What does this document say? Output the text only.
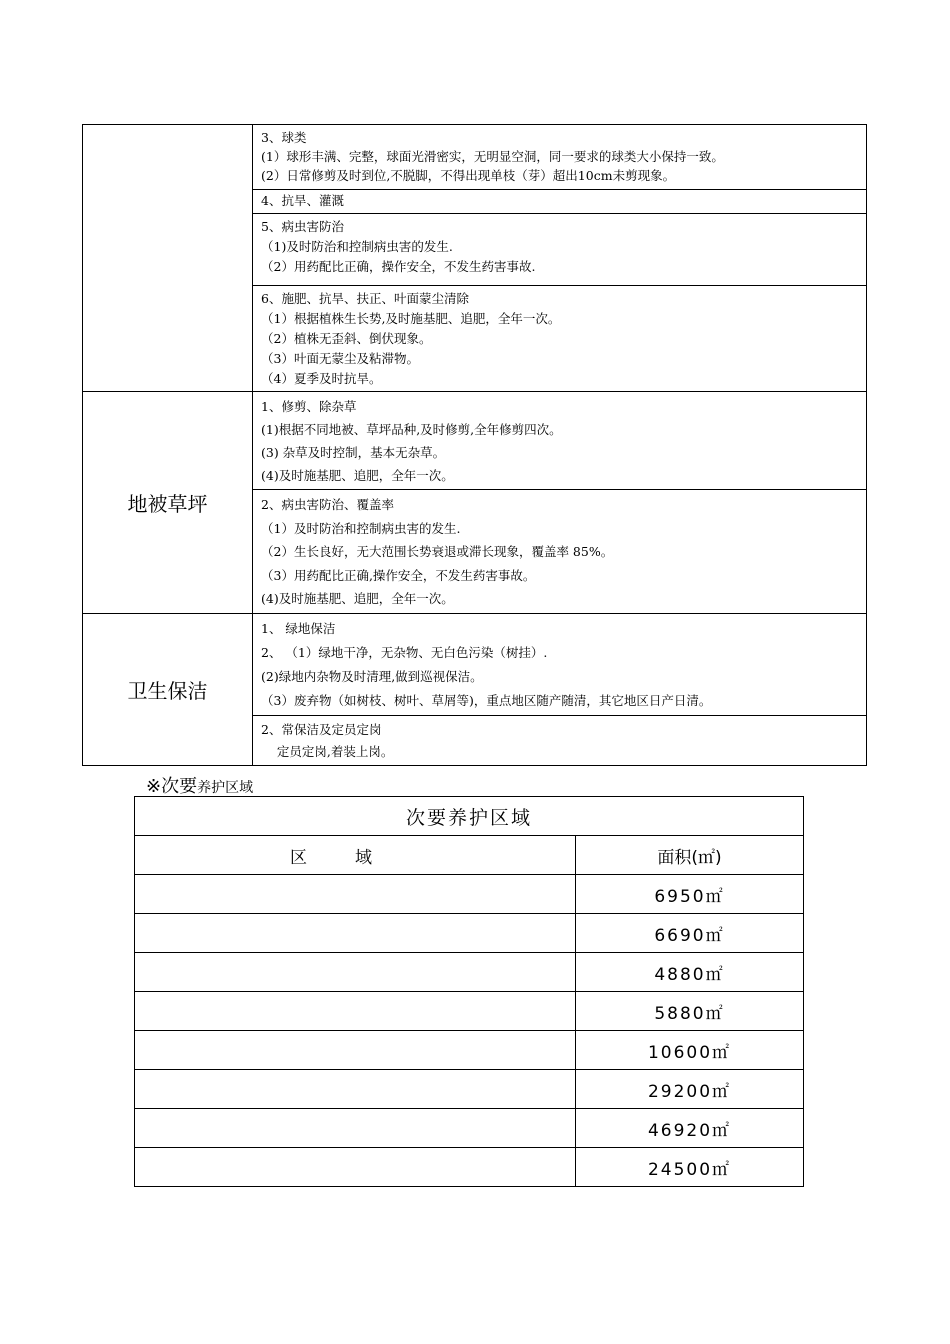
	3、球类
(1）球形丰满、完整，球面光滑密实，无明显空洞，同一要求的球类大小保持一致。
(2）日常修剪及时到位,不脱脚，不得出现单枝（芽）超出10cm未剪现象。

	4、抗旱、灌溉

	5、病虫害防治
（1)及时防治和控制病虫害的发生.
（2）用药配比正确，操作安全，不发生药害事故.

	6、施肥、抗旱、扶正、叶面蒙尘清除
（1）根据植株生长势,及时施基肥、追肥，全年一次。
（2）植株无歪斜、倒伏现象。
（3）叶面无蒙尘及粘滞物。
（4）夏季及时抗旱。

地被草坪	1、修剪、除杂草
(1)根据不同地被、草坪品种,及时修剪,全年修剪四次。
(3) 杂草及时控制，基本无杂草。
(4)及时施基肥、追肥，全年一次。

	2、病虫害防治、覆盖率
（1）及时防治和控制病虫害的发生.
（2）生长良好，无大范围长势衰退或滞长现象，覆盖率 85%。
（3）用药配比正确,操作安全，不发生药害事故。
(4)及时施基肥、追肥，全年一次。

卫生保洁	1、 绿地保洁
2、 （1）绿地干净，无杂物、无白色污染（树挂）.
(2)绿地内杂物及时清理,做到巡视保洁。
（3）废弃物（如树枝、树叶、草屑等)，重点地区随产随清，其它地区日产日清。

	2、常保洁及定员定岗
定员定岗,着装上岗。
※次要养护区域
次要养护区域	
区域	面积(㎡)
	6950㎡
	6690㎡
	4880㎡
	5880㎡
	10600㎡
	29200㎡
	46920㎡
	24500㎡
